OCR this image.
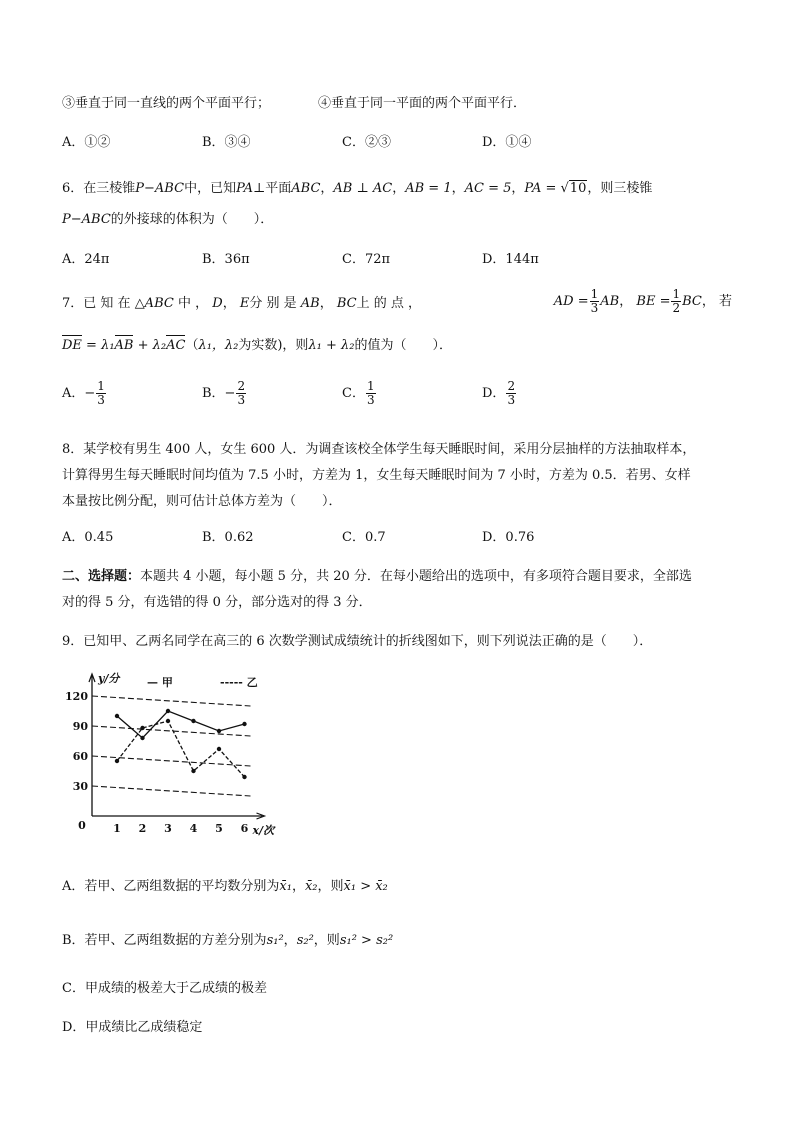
③垂直于同一直线的两个平面平行；	④垂直于同一平面的两个平面平行．
A．①②	B．③④	C．②③	D．①④
6．在三棱锥P−ABC中，已知PA⊥平面ABC，AB ⊥ AC，AB = 1，AC = 5，PA = √10，则三棱锥
P−ABC的外接球的体积为（　　）．
A．24π	B．36π	C．72π	D．144π
7．已 知 在 △ABC 中 ， D， E分 别 是 AB， BC上 的 点 ，	AD = $\frac{1}{3}$ AB， BE = $\frac{1}{2}$ BC， 若
DE = λ₁AB + λ₂AC（λ₁，λ₂为实数)，则λ₁ + λ₂的值为（　　）．
A．− $\frac{1}{3}$	B．− $\frac{2}{3}$	C． $\frac{1}{3}$	D． $\frac{2}{3}$
8．某学校有男生 400 人，女生 600 人．为调查该校全体学生每天睡眠时间，采用分层抽样的方法抽取样本，
计算得男生每天睡眠时间均值为 7.5 小时，方差为 1，女生每天睡眠时间为 7 小时，方差为 0.5．若男、女样
本量按比例分配，则可估计总体方差为（　　）．
A．0.45	B．0.62	C．0.7	D．0.76
二、选择题：本题共 4 小题，每小题 5 分，共 20 分．在每小题给出的选项中，有多项符合题目要求，全部选
对的得 5 分，有选错的得 0 分，部分选对的得 3 分．
9．已知甲、乙两名同学在高三的 6 次数学测试成绩统计的折线图如下，则下列说法正确的是（　　）．
30
60
90
120
0 1 2 3 4 5 6
y/分
x/次
— 甲	----- 乙
A．若甲、乙两组数据的平均数分别为x̄₁，x̄₂，则x̄₁ > x̄₂
B．若甲、乙两组数据的方差分别为s₁²，s₂²，则s₁² > s₂²
C．甲成绩的极差大于乙成绩的极差
D．甲成绩比乙成绩稳定
